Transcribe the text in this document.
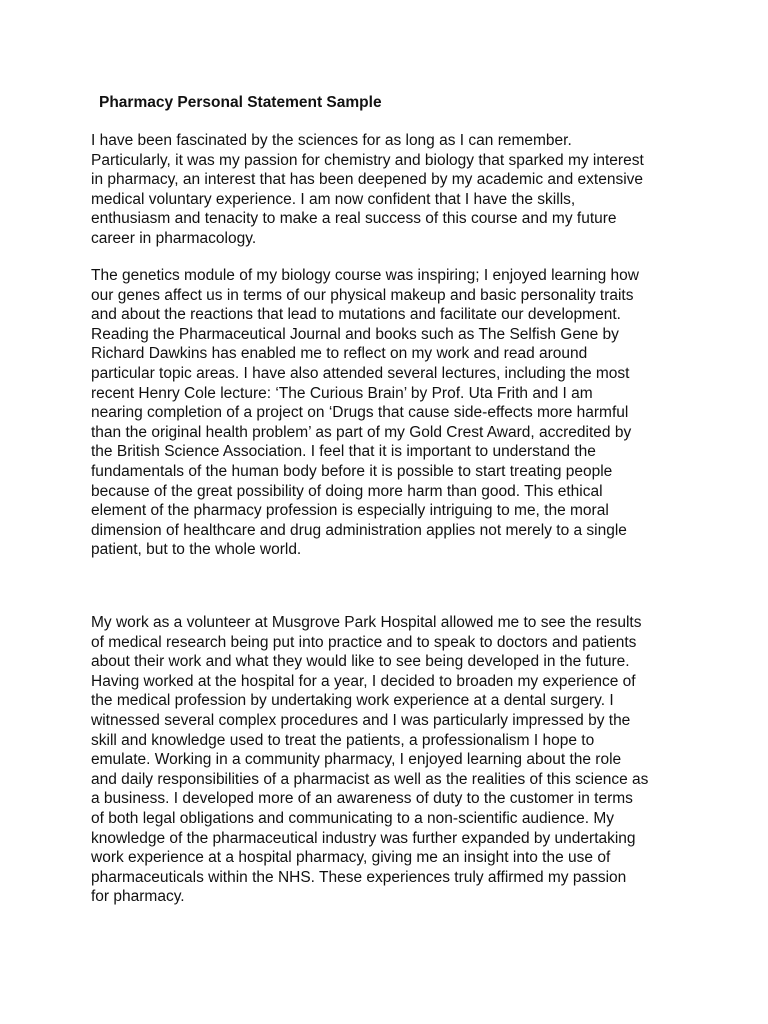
Pharmacy Personal Statement Sample

I have been fascinated by the sciences for as long as I can remember.

Particularly, it was my passion for chemistry and biology that sparked my interest

in pharmacy, an interest that has been deepened by my academic and extensive

medical voluntary experience. I am now confident that I have the skills,

enthusiasm and tenacity to make a real success of this course and my future

career in pharmacology.

The genetics module of my biology course was inspiring; I enjoyed learning how

our genes affect us in terms of our physical makeup and basic personality traits

and about the reactions that lead to mutations and facilitate our development.

Reading the Pharmaceutical Journal and books such as The Selfish Gene by

Richard Dawkins has enabled me to reflect on my work and read around

particular topic areas. I have also attended several lectures, including the most

recent Henry Cole lecture: ‘The Curious Brain’ by Prof. Uta Frith and I am

nearing completion of a project on ‘Drugs that cause side-effects more harmful

than the original health problem’ as part of my Gold Crest Award, accredited by

the British Science Association. I feel that it is important to understand the

fundamentals of the human body before it is possible to start treating people

because of the great possibility of doing more harm than good. This ethical

element of the pharmacy profession is especially intriguing to me, the moral

dimension of healthcare and drug administration applies not merely to a single

patient, but to the whole world.

My work as a volunteer at Musgrove Park Hospital allowed me to see the results

of medical research being put into practice and to speak to doctors and patients

about their work and what they would like to see being developed in the future.

Having worked at the hospital for a year, I decided to broaden my experience of

the medical profession by undertaking work experience at a dental surgery. I

witnessed several complex procedures and I was particularly impressed by the

skill and knowledge used to treat the patients, a professionalism I hope to

emulate. Working in a community pharmacy, I enjoyed learning about the role

and daily responsibilities of a pharmacist as well as the realities of this science as

a business. I developed more of an awareness of duty to the customer in terms

of both legal obligations and communicating to a non-scientific audience. My

knowledge of the pharmaceutical industry was further expanded by undertaking

work experience at a hospital pharmacy, giving me an insight into the use of

pharmaceuticals within the NHS. These experiences truly affirmed my passion

for pharmacy.
